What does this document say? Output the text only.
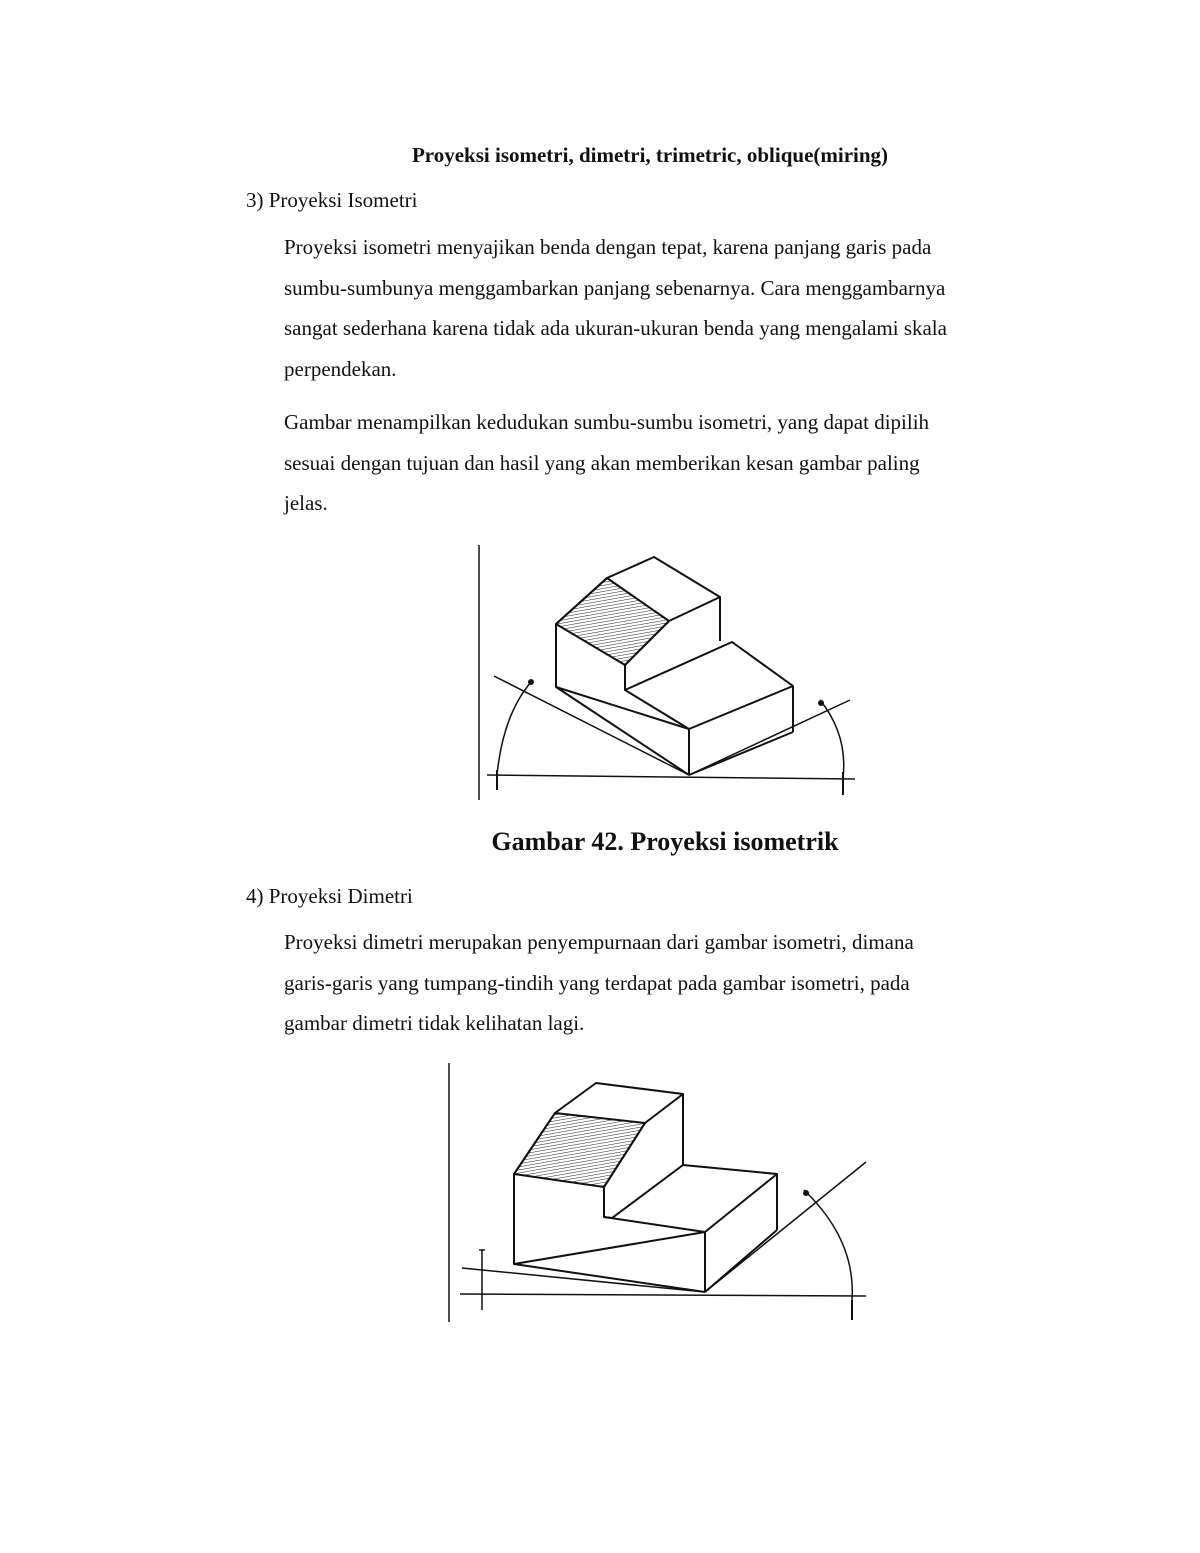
Proyeksi isometri, dimetri, trimetric, oblique(miring)
3) Proyeksi Isometri

Proyeksi isometri menyajikan benda dengan tepat, karena panjang garis pada

sumbu-sumbunya menggambarkan panjang sebenarnya. Cara menggambarnya

sangat sederhana karena tidak ada ukuran-ukuran benda yang mengalami skala

perpendekan.

Gambar menampilkan kedudukan sumbu-sumbu isometri, yang dapat dipilih

sesuai dengan tujuan dan hasil yang akan memberikan kesan gambar paling

jelas.

Gambar 42. Proyeksi isometrik
4) Proyeksi Dimetri

Proyeksi dimetri merupakan penyempurnaan dari gambar isometri, dimana

garis-garis yang tumpang-tindih yang terdapat pada gambar isometri, pada

gambar dimetri tidak kelihatan lagi.
